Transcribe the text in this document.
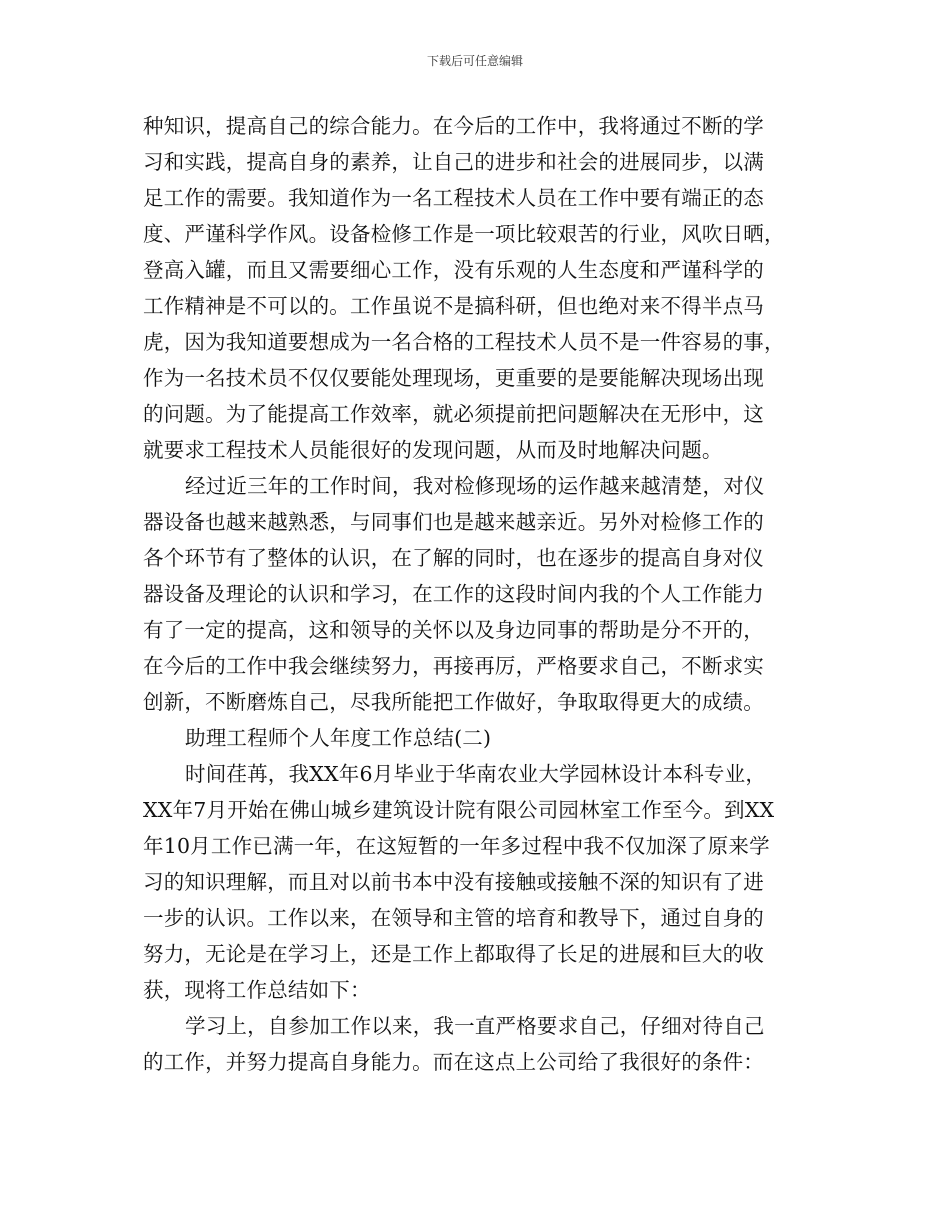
下载后可任意编辑
种知识，提高自己的综合能力。在今后的工作中，我将通过不断的学
习和实践，提高自身的素养，让自己的进步和社会的进展同步，以满
足工作的需要。我知道作为一名工程技术人员在工作中要有端正的态
度、严谨科学作风。设备检修工作是一项比较艰苦的行业，风吹日晒，
登高入罐，而且又需要细心工作，没有乐观的人生态度和严谨科学的
工作精神是不可以的。工作虽说不是搞科研，但也绝对来不得半点马
虎，因为我知道要想成为一名合格的工程技术人员不是一件容易的事，
作为一名技术员不仅仅要能处理现场，更重要的是要能解决现场出现
的问题。为了能提高工作效率，就必须提前把问题解决在无形中，这
就要求工程技术人员能很好的发现问题，从而及时地解决问题。
经过近三年的工作时间，我对检修现场的运作越来越清楚，对仪
器设备也越来越熟悉，与同事们也是越来越亲近。另外对检修工作的
各个环节有了整体的认识，在了解的同时，也在逐步的提高自身对仪
器设备及理论的认识和学习，在工作的这段时间内我的个人工作能力
有了一定的提高，这和领导的关怀以及身边同事的帮助是分不开的，
在今后的工作中我会继续努力，再接再厉，严格要求自己，不断求实
创新，不断磨炼自己，尽我所能把工作做好，争取取得更大的成绩。
助理工程师个人年度工作总结(二)
时间荏苒，我XX年6月毕业于华南农业大学园林设计本科专业，
XX年7月开始在佛山城乡建筑设计院有限公司园林室工作至今。到XX
年10月工作已满一年，在这短暂的一年多过程中我不仅加深了原来学
习的知识理解，而且对以前书本中没有接触或接触不深的知识有了进
一步的认识。工作以来，在领导和主管的培育和教导下，通过自身的
努力，无论是在学习上，还是工作上都取得了长足的进展和巨大的收
获，现将工作总结如下：
学习上，自参加工作以来，我一直严格要求自己，仔细对待自己
的工作，并努力提高自身能力。而在这点上公司给了我很好的条件：
